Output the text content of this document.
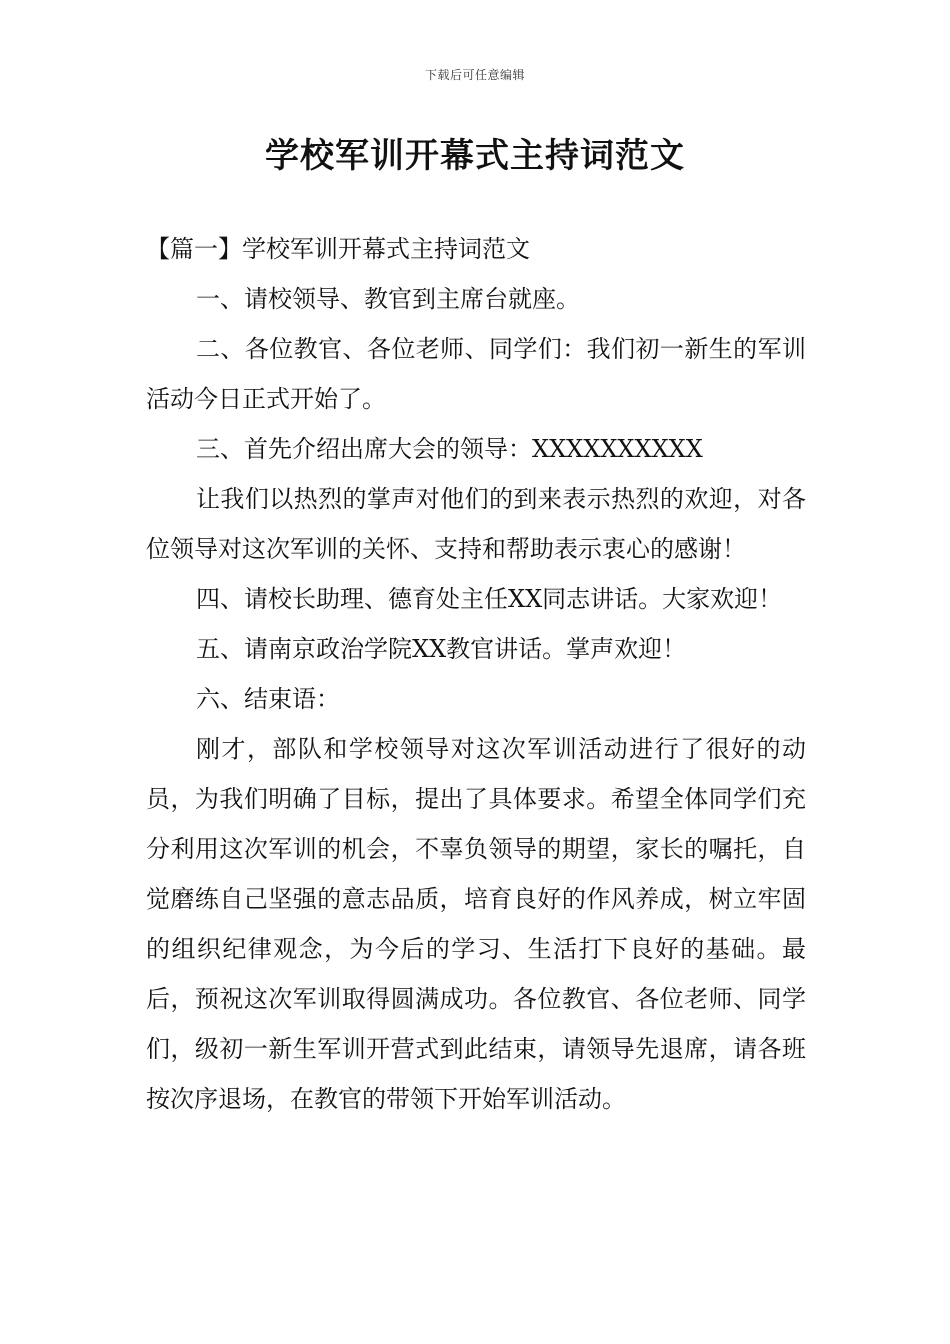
下载后可任意编辑
学校军训开幕式主持词范文

【篇一】学校军训开幕式主持词范文

一、请校领导、教官到主席台就座。

二、各位教官、各位老师、同学们：我们初一新生的军训活动今日正式开始了。

三、首先介绍出席大会的领导：XXXXXXXXXX

让我们以热烈的掌声对他们的到来表示热烈的欢迎，对各位领导对这次军训的关怀、支持和帮助表示衷心的感谢！

四、请校长助理、德育处主任XX同志讲话。大家欢迎！

五、请南京政治学院XX教官讲话。掌声欢迎！

六、结束语：

刚才，部队和学校领导对这次军训活动进行了很好的动员，为我们明确了目标，提出了具体要求。希望全体同学们充分利用这次军训的机会，不辜负领导的期望，家长的嘱托，自觉磨练自己坚强的意志品质，培育良好的作风养成，树立牢固的组织纪律观念，为今后的学习、生活打下良好的基础。最后，预祝这次军训取得圆满成功。各位教官、各位老师、同学们，级初一新生军训开营式到此结束，请领导先退席，请各班按次序退场，在教官的带领下开始军训活动。
